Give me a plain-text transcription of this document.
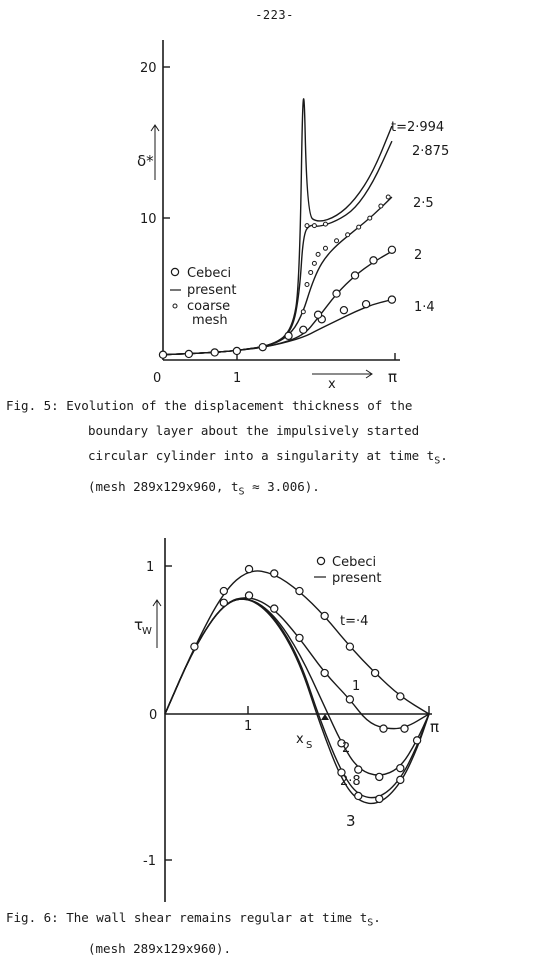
-223-
20
10
0	1	π
x
δ*
t=2·994
2·875
2·5
2
1·4
Cebeci
present
coarse
mesh
Fig. 5: Evolution of the displacement thickness of the
boundary layer about the impulsively started
circular cylinder into a singularity at time $t_S$.
(mesh 289x129x960, $t_S \approx 3.006$).
1
-1
0
1	π
τ
W
x S
t=·4
1
2
2·8
3
Cebeci
present
Fig. 6: The wall shear remains regular at time $t_S$.
(mesh 289x129x960).
